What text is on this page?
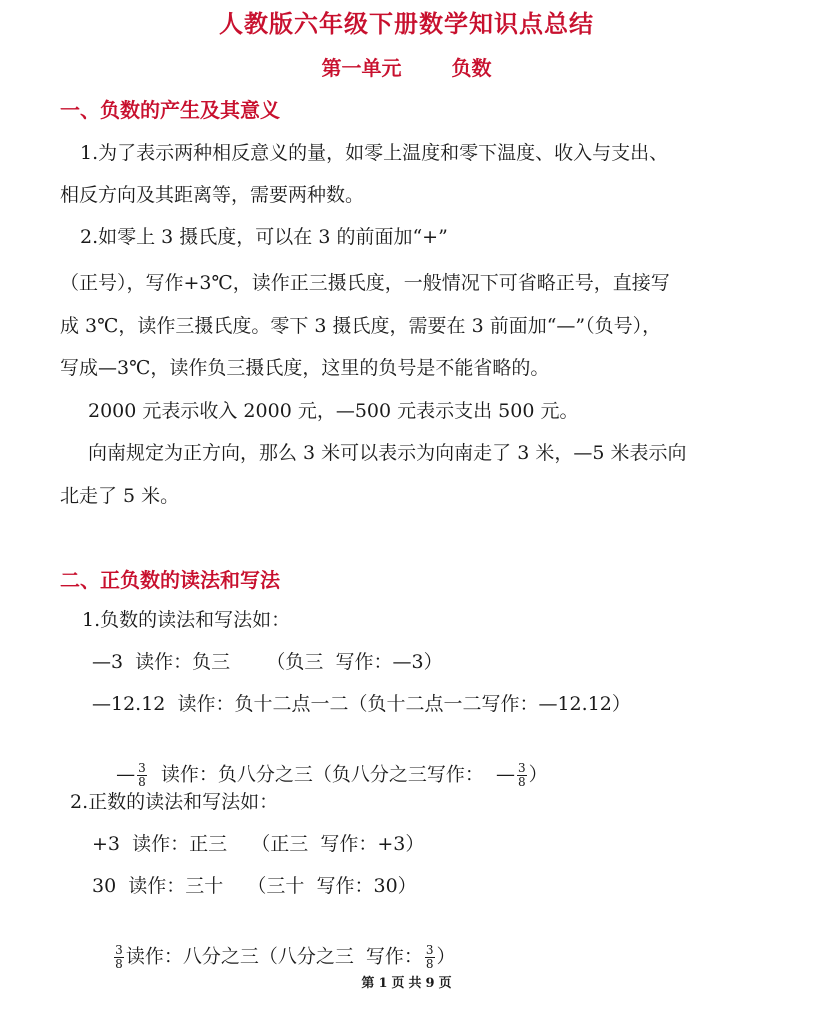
人教版六年级下册数学知识点总结
第一单元	负数
一、负数的产生及其意义
1.为了表示两种相反意义的量，如零上温度和零下温度、收入与支出、
相反方向及其距离等，需要两种数。
2.如零上 3 摄氏度，可以在 3 的前面加“+”
（正号），写作+3℃，读作正三摄氏度，一般情况下可省略正号，直接写
成 3℃，读作三摄氏度。零下 3 摄氏度，需要在 3 前面加“—”（负号），
写成—3℃，读作负三摄氏度，这里的负号是不能省略的。
2000 元表示收入 2000 元，—500 元表示支出 500 元。
向南规定为正方向，那么 3 米可以表示为向南走了 3 米，—5 米表示向
北走了 5 米。
二、正负数的读法和写法
1.负数的读法和写法如：
—3  读作：负三      （负三  写作：—3）
—12.12  读作：负十二点一二（负十二点一二写作：—12.12）

— $\frac{3}{8}$ 读作：负八分之三（负八分之三写作：  — $\frac{3}{8}$ ）

2.正数的读法和写法如：
+3  读作：正三    （正三  写作：+3）
30  读作：三十    （三十  写作：30）

$\frac{3}{8}$ 读作：八分之三（八分之三  写作： $\frac{3}{8}$ ）

第 1 页 共 9 页
